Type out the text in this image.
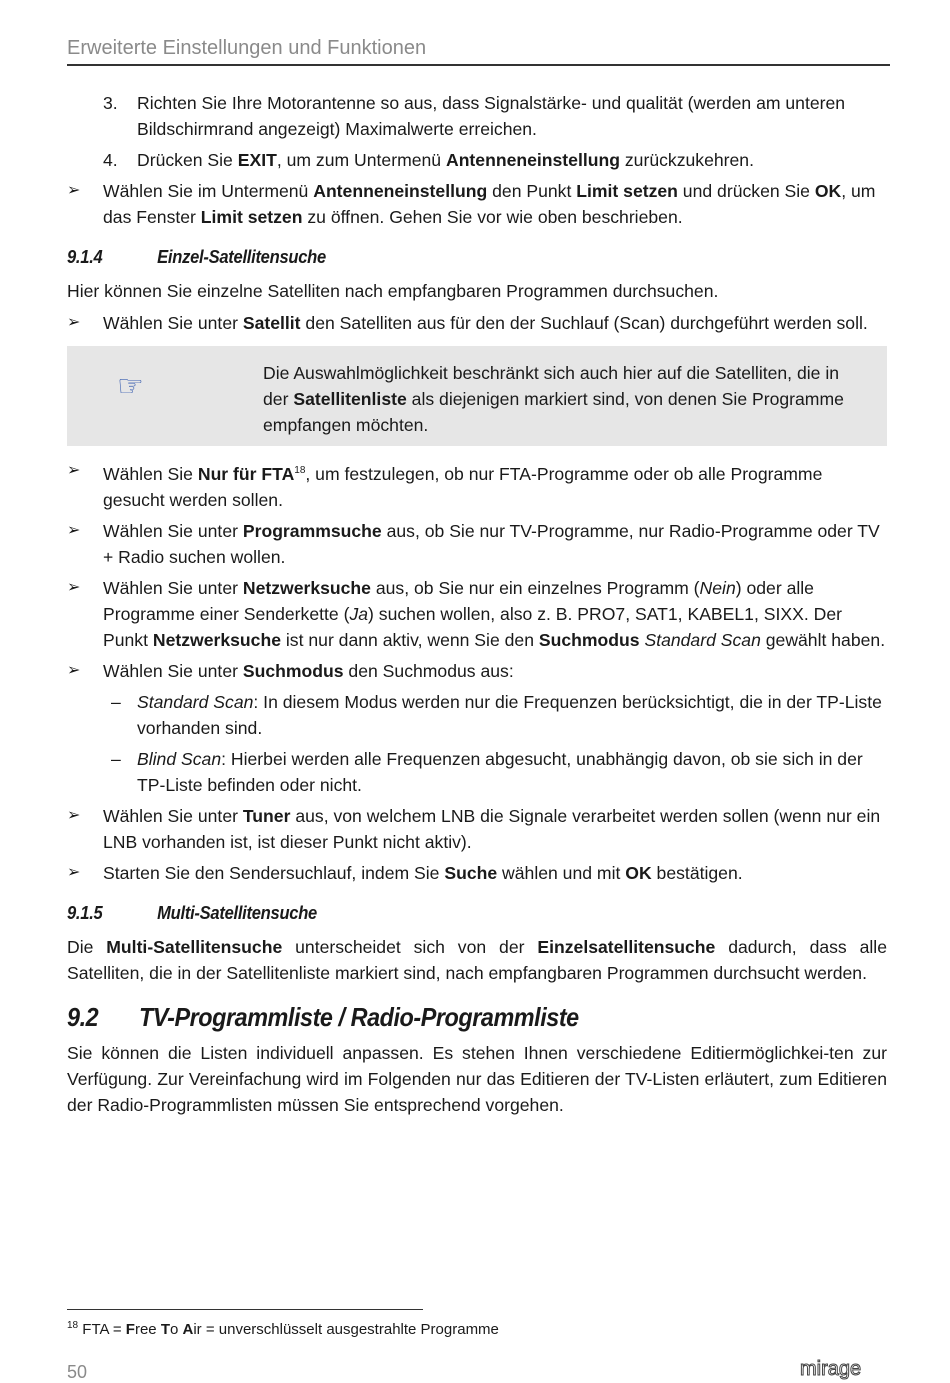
Erweiterte Einstellungen und Funktionen
3.	Richten Sie Ihre Motorantenne so aus, dass Signalstärke- und qualität (werden am unteren Bildschirmrand angezeigt) Maximalwerte erreichen.
4.	Drücken Sie EXIT, um zum Untermenü Antenneneinstellung zurückzukehren.
➢	Wählen Sie im Untermenü Antenneneinstellung den Punkt Limit setzen und drücken Sie OK, um das Fenster Limit setzen zu öffnen. Gehen Sie vor wie oben beschrieben.
9.1.4	Einzel-Satellitensuche
Hier können Sie einzelne Satelliten nach empfangbaren Programmen durchsuchen.
➢	Wählen Sie unter Satellit den Satelliten aus für den der Suchlauf (Scan) durchgeführt werden soll.
☞	Die Auswahlmöglichkeit beschränkt sich auch hier auf die Satelliten, die in der Satellitenliste als diejenigen markiert sind, von denen Sie Programme empfangen möchten.
➢	Wählen Sie Nur für FTA$^{18}$, um festzulegen, ob nur FTA-Programme oder ob alle Programme gesucht werden sollen.
➢	Wählen Sie unter Programmsuche aus, ob Sie nur TV-Programme, nur Radio-Programme oder TV + Radio suchen wollen.
➢	Wählen Sie unter Netzwerksuche aus, ob Sie nur ein einzelnes Programm (Nein) oder alle Programme einer Senderkette (Ja) suchen wollen, also z. B. PRO7, SAT1, KABEL1, SIXX. Der Punkt Netzwerksuche ist nur dann aktiv, wenn Sie den Suchmodus Standard Scan gewählt haben.
➢	Wählen Sie unter Suchmodus den Suchmodus aus:
– Standard Scan: In diesem Modus werden nur die Frequenzen berücksichtigt, die in der TP-Liste vorhanden sind.
– Blind Scan: Hierbei werden alle Frequenzen abgesucht, unabhängig davon, ob sie sich in der TP-Liste befinden oder nicht.
➢	Wählen Sie unter Tuner aus, von welchem LNB die Signale verarbeitet werden sollen (wenn nur ein LNB vorhanden ist, ist dieser Punkt nicht aktiv).
➢	Starten Sie den Sendersuchlauf, indem Sie Suche wählen und mit OK bestätigen.
9.1.5	Multi-Satellitensuche
Die Multi-Satellitensuche unterscheidet sich von der Einzelsatellitensuche dadurch, dass alle Satelliten, die in der Satellitenliste markiert sind, nach empfangbaren Programmen durchsucht werden.
9.2 TV-Programmliste / Radio-Programmliste
Sie können die Listen individuell anpassen. Es stehen Ihnen verschiedene Editiermöglichkei-ten zur Verfügung. Zur Vereinfachung wird im Folgenden nur das Editieren der TV-Listen erläutert, zum Editieren der Radio-Programmlisten müssen Sie entsprechend vorgehen.
$^{18}$ FTA = Free To Air = unverschlüsselt ausgestrahlte Programme
50	mirage
